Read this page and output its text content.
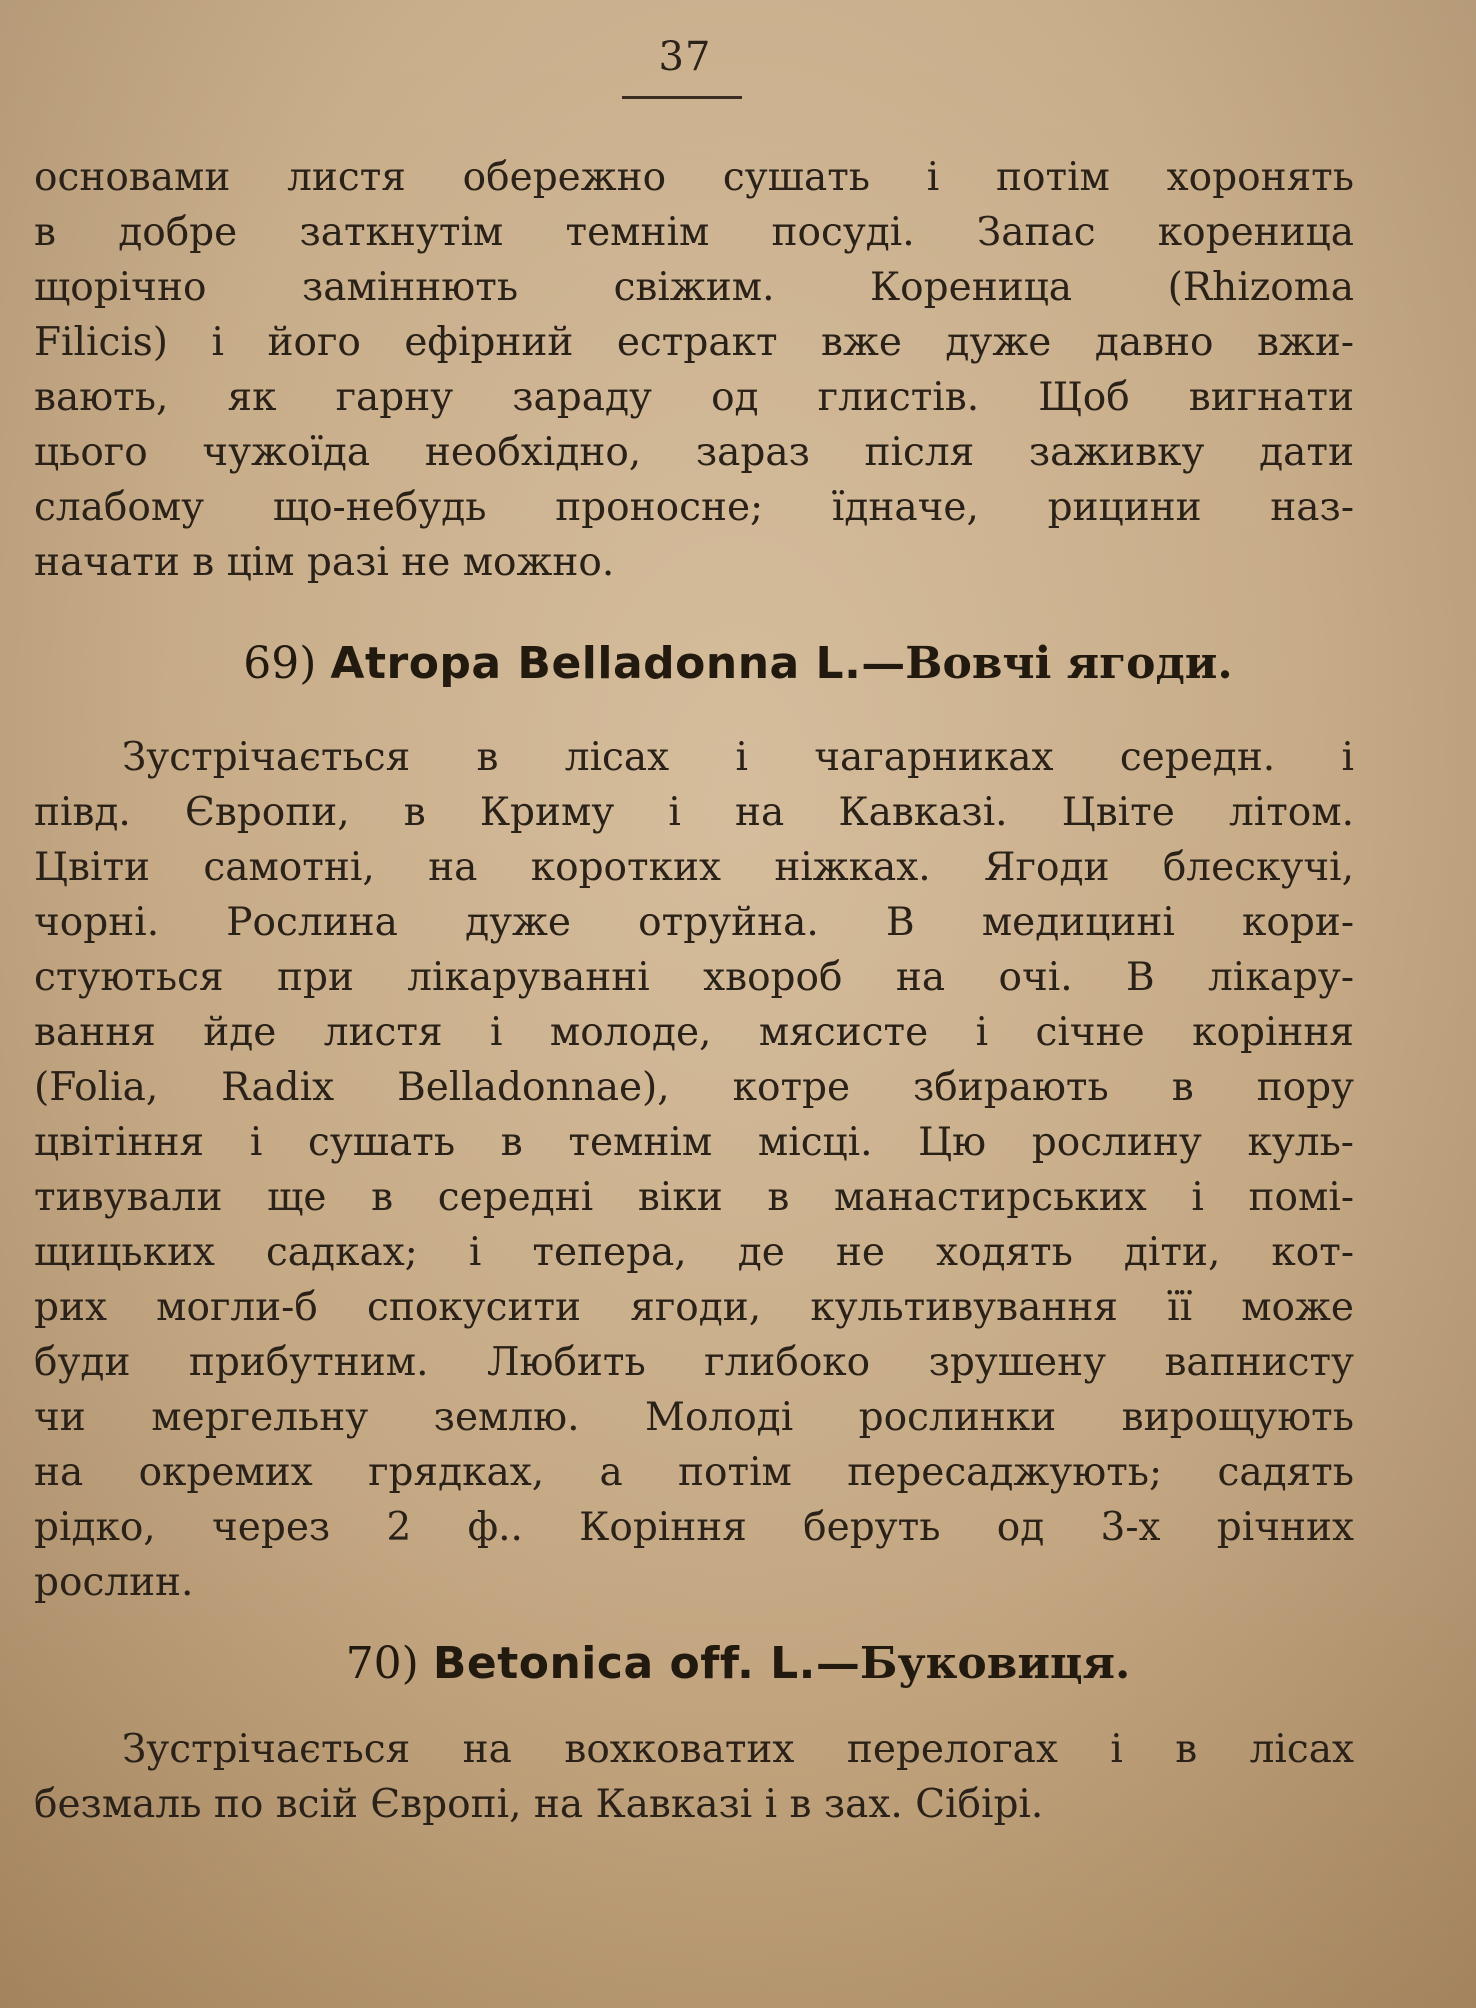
37
основами листя обережно сушать і потім хоронять
в добре заткнутім темнім посуді. Запас кореница
щорічно заміннють свіжим. Кореница (Rhizoma
Filicis) і його ефірний естракт вже дуже давно вжи-
вають, як гарну зараду од глистів. Щоб вигнати
цього чужоїда необхідно, зараз після заживку дати
слабому що-небудь проносне; їдначе, рицини наз-
начати в цім разі не можно.
69) Atropa Belladonna L.—Вовчі ягоди.
Зустрічається в лісах і чагарниках середн. і
півд. Європи, в Криму і на Кавказі. Цвіте літом.
Цвіти самотні, на коротких ніжках. Ягоди блескучі,
чорні. Рослина дуже отруйна. В медицині кори-
стуються при лікаруванні хвороб на очі. В лікару-
вання йде листя і молоде, мясисте і січне коріння
(Folia, Radix Belladonnae), котре збирають в пору
цвітіння і сушать в темнім місці. Цю рослину куль-
тивували ще в середні віки в манастирських і помі-
щицьких садках; і тепера, де не ходять діти, кот-
рих могли-б спокусити ягоди, культивування її може
буди прибутним. Любить глибоко зрушену вапнисту
чи мергельну землю. Молоді рослинки вирощують
на окремих грядках, а потім пересаджують; садять
рідко, через 2 ф.. Коріння беруть од 3-х річних
рослин.
70) Betonica off. L.—Буковиця.
Зустрічається на вохковатих перелогах і в лісах
безмаль по всій Європі, на Кавказі і в зах. Сібірі.
